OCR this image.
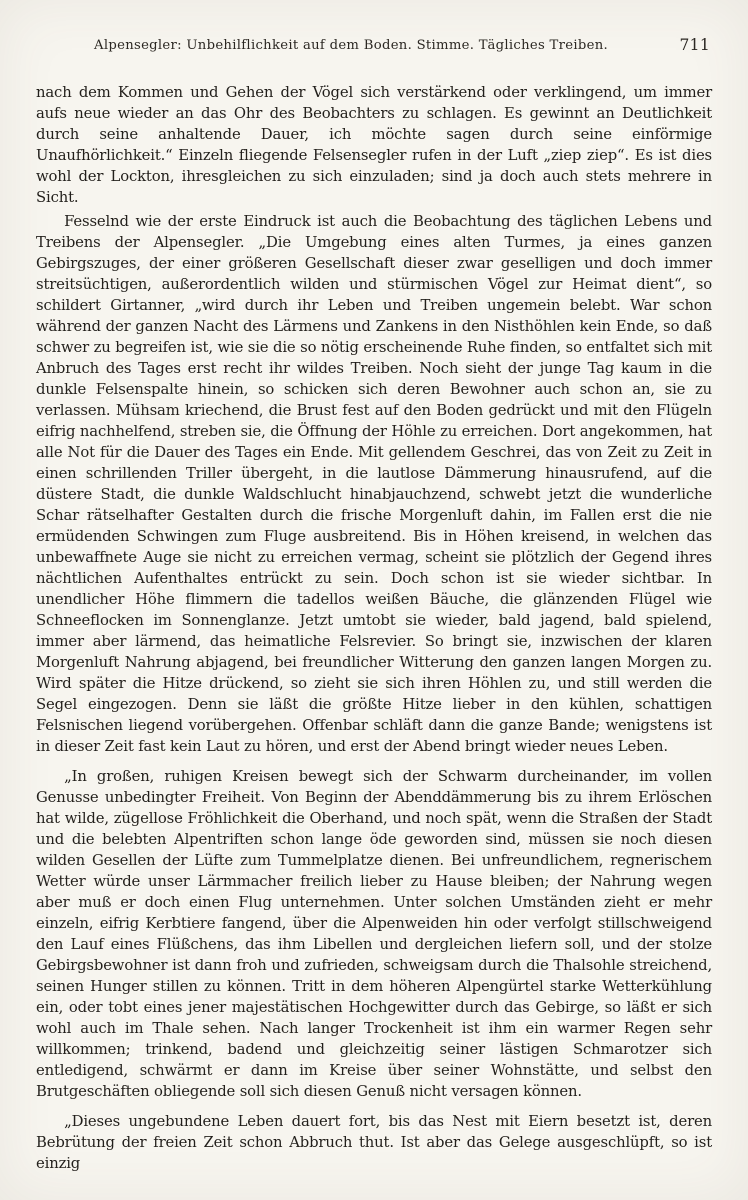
Alpensegler: Unbehilflichkeit auf dem Boden. Stimme. Tägliches Treiben.	711

nach dem Kommen und Gehen der Vögel sich verstärkend oder verklingend, um immer aufs neue wieder an das Ohr des Beobachters zu schlagen. Es gewinnt an Deutlichkeit durch seine anhaltende Dauer, ich möchte sagen durch seine einförmige Unaufhörlichkeit.“ Einzeln fliegende Felsensegler rufen in der Luft „ziep ziep“. Es ist dies wohl der Lockton, ihresgleichen zu sich einzuladen; sind ja doch auch stets mehrere in Sicht.

Fesselnd wie der erste Eindruck ist auch die Beobachtung des täglichen Lebens und Treibens der Alpensegler. „Die Umgebung eines alten Turmes, ja eines ganzen Gebirgszuges, der einer größeren Gesellschaft dieser zwar geselligen und doch immer streitsüchtigen, außerordentlich wilden und stürmischen Vögel zur Heimat dient“, so schildert Girtanner, „wird durch ihr Leben und Treiben ungemein belebt. War schon während der ganzen Nacht des Lärmens und Zankens in den Nisthöhlen kein Ende, so daß schwer zu begreifen ist, wie sie die so nötig erscheinende Ruhe finden, so entfaltet sich mit Anbruch des Tages erst recht ihr wildes Treiben. Noch sieht der junge Tag kaum in die dunkle Felsenspalte hinein, so schicken sich deren Bewohner auch schon an, sie zu verlassen. Mühsam kriechend, die Brust fest auf den Boden gedrückt und mit den Flügeln eifrig nachhelfend, streben sie, die Öffnung der Höhle zu erreichen. Dort angekommen, hat alle Not für die Dauer des Tages ein Ende. Mit gellendem Geschrei, das von Zeit zu Zeit in einen schrillenden Triller übergeht, in die lautlose Dämmerung hinausrufend, auf die düstere Stadt, die dunkle Waldschlucht hinabjauchzend, schwebt jetzt die wunderliche Schar rätselhafter Gestalten durch die frische Morgenluft dahin, im Fallen erst die nie ermüdenden Schwingen zum Fluge ausbreitend. Bis in Höhen kreisend, in welchen das unbewaffnete Auge sie nicht zu erreichen vermag, scheint sie plötzlich der Gegend ihres nächtlichen Aufenthaltes entrückt zu sein. Doch schon ist sie wieder sichtbar. In unendlicher Höhe flimmern die tadellos weißen Bäuche, die glänzenden Flügel wie Schneeflocken im Sonnenglanze. Jetzt umtobt sie wieder, bald jagend, bald spielend, immer aber lärmend, das heimatliche Felsrevier. So bringt sie, inzwischen der klaren Morgenluft Nahrung abjagend, bei freundlicher Witterung den ganzen langen Morgen zu. Wird später die Hitze drückend, so zieht sie sich ihren Höhlen zu, und still werden die Segel eingezogen. Denn sie läßt die größte Hitze lieber in den kühlen, schattigen Felsnischen liegend vorübergehen. Offenbar schläft dann die ganze Bande; wenigstens ist in dieser Zeit fast kein Laut zu hören, und erst der Abend bringt wieder neues Leben.

„In großen, ruhigen Kreisen bewegt sich der Schwarm durcheinander, im vollen Genusse unbedingter Freiheit. Von Beginn der Abenddämmerung bis zu ihrem Erlöschen hat wilde, zügellose Fröhlichkeit die Oberhand, und noch spät, wenn die Straßen der Stadt und die belebten Alpentriften schon lange öde geworden sind, müssen sie noch diesen wilden Gesellen der Lüfte zum Tummelplatze dienen. Bei unfreundlichem, regnerischem Wetter würde unser Lärmmacher freilich lieber zu Hause bleiben; der Nahrung wegen aber muß er doch einen Flug unternehmen. Unter solchen Umständen zieht er mehr einzeln, eifrig Kerbtiere fangend, über die Alpenweiden hin oder verfolgt stillschweigend den Lauf eines Flüßchens, das ihm Libellen und dergleichen liefern soll, und der stolze Gebirgsbewohner ist dann froh und zufrieden, schweigsam durch die Thalsohle streichend, seinen Hunger stillen zu können. Tritt in dem höheren Alpengürtel starke Wetterkühlung ein, oder tobt eines jener majestätischen Hochgewitter durch das Gebirge, so läßt er sich wohl auch im Thale sehen. Nach langer Trockenheit ist ihm ein warmer Regen sehr willkommen; trinkend, badend und gleichzeitig seiner lästigen Schmarotzer sich entledigend, schwärmt er dann im Kreise über seiner Wohnstätte, und selbst den Brutgeschäften obliegende soll sich diesen Genuß nicht versagen können.

„Dieses ungebundene Leben dauert fort, bis das Nest mit Eiern besetzt ist, deren Bebrütung der freien Zeit schon Abbruch thut. Ist aber das Gelege ausgeschlüpft, so ist einzig
